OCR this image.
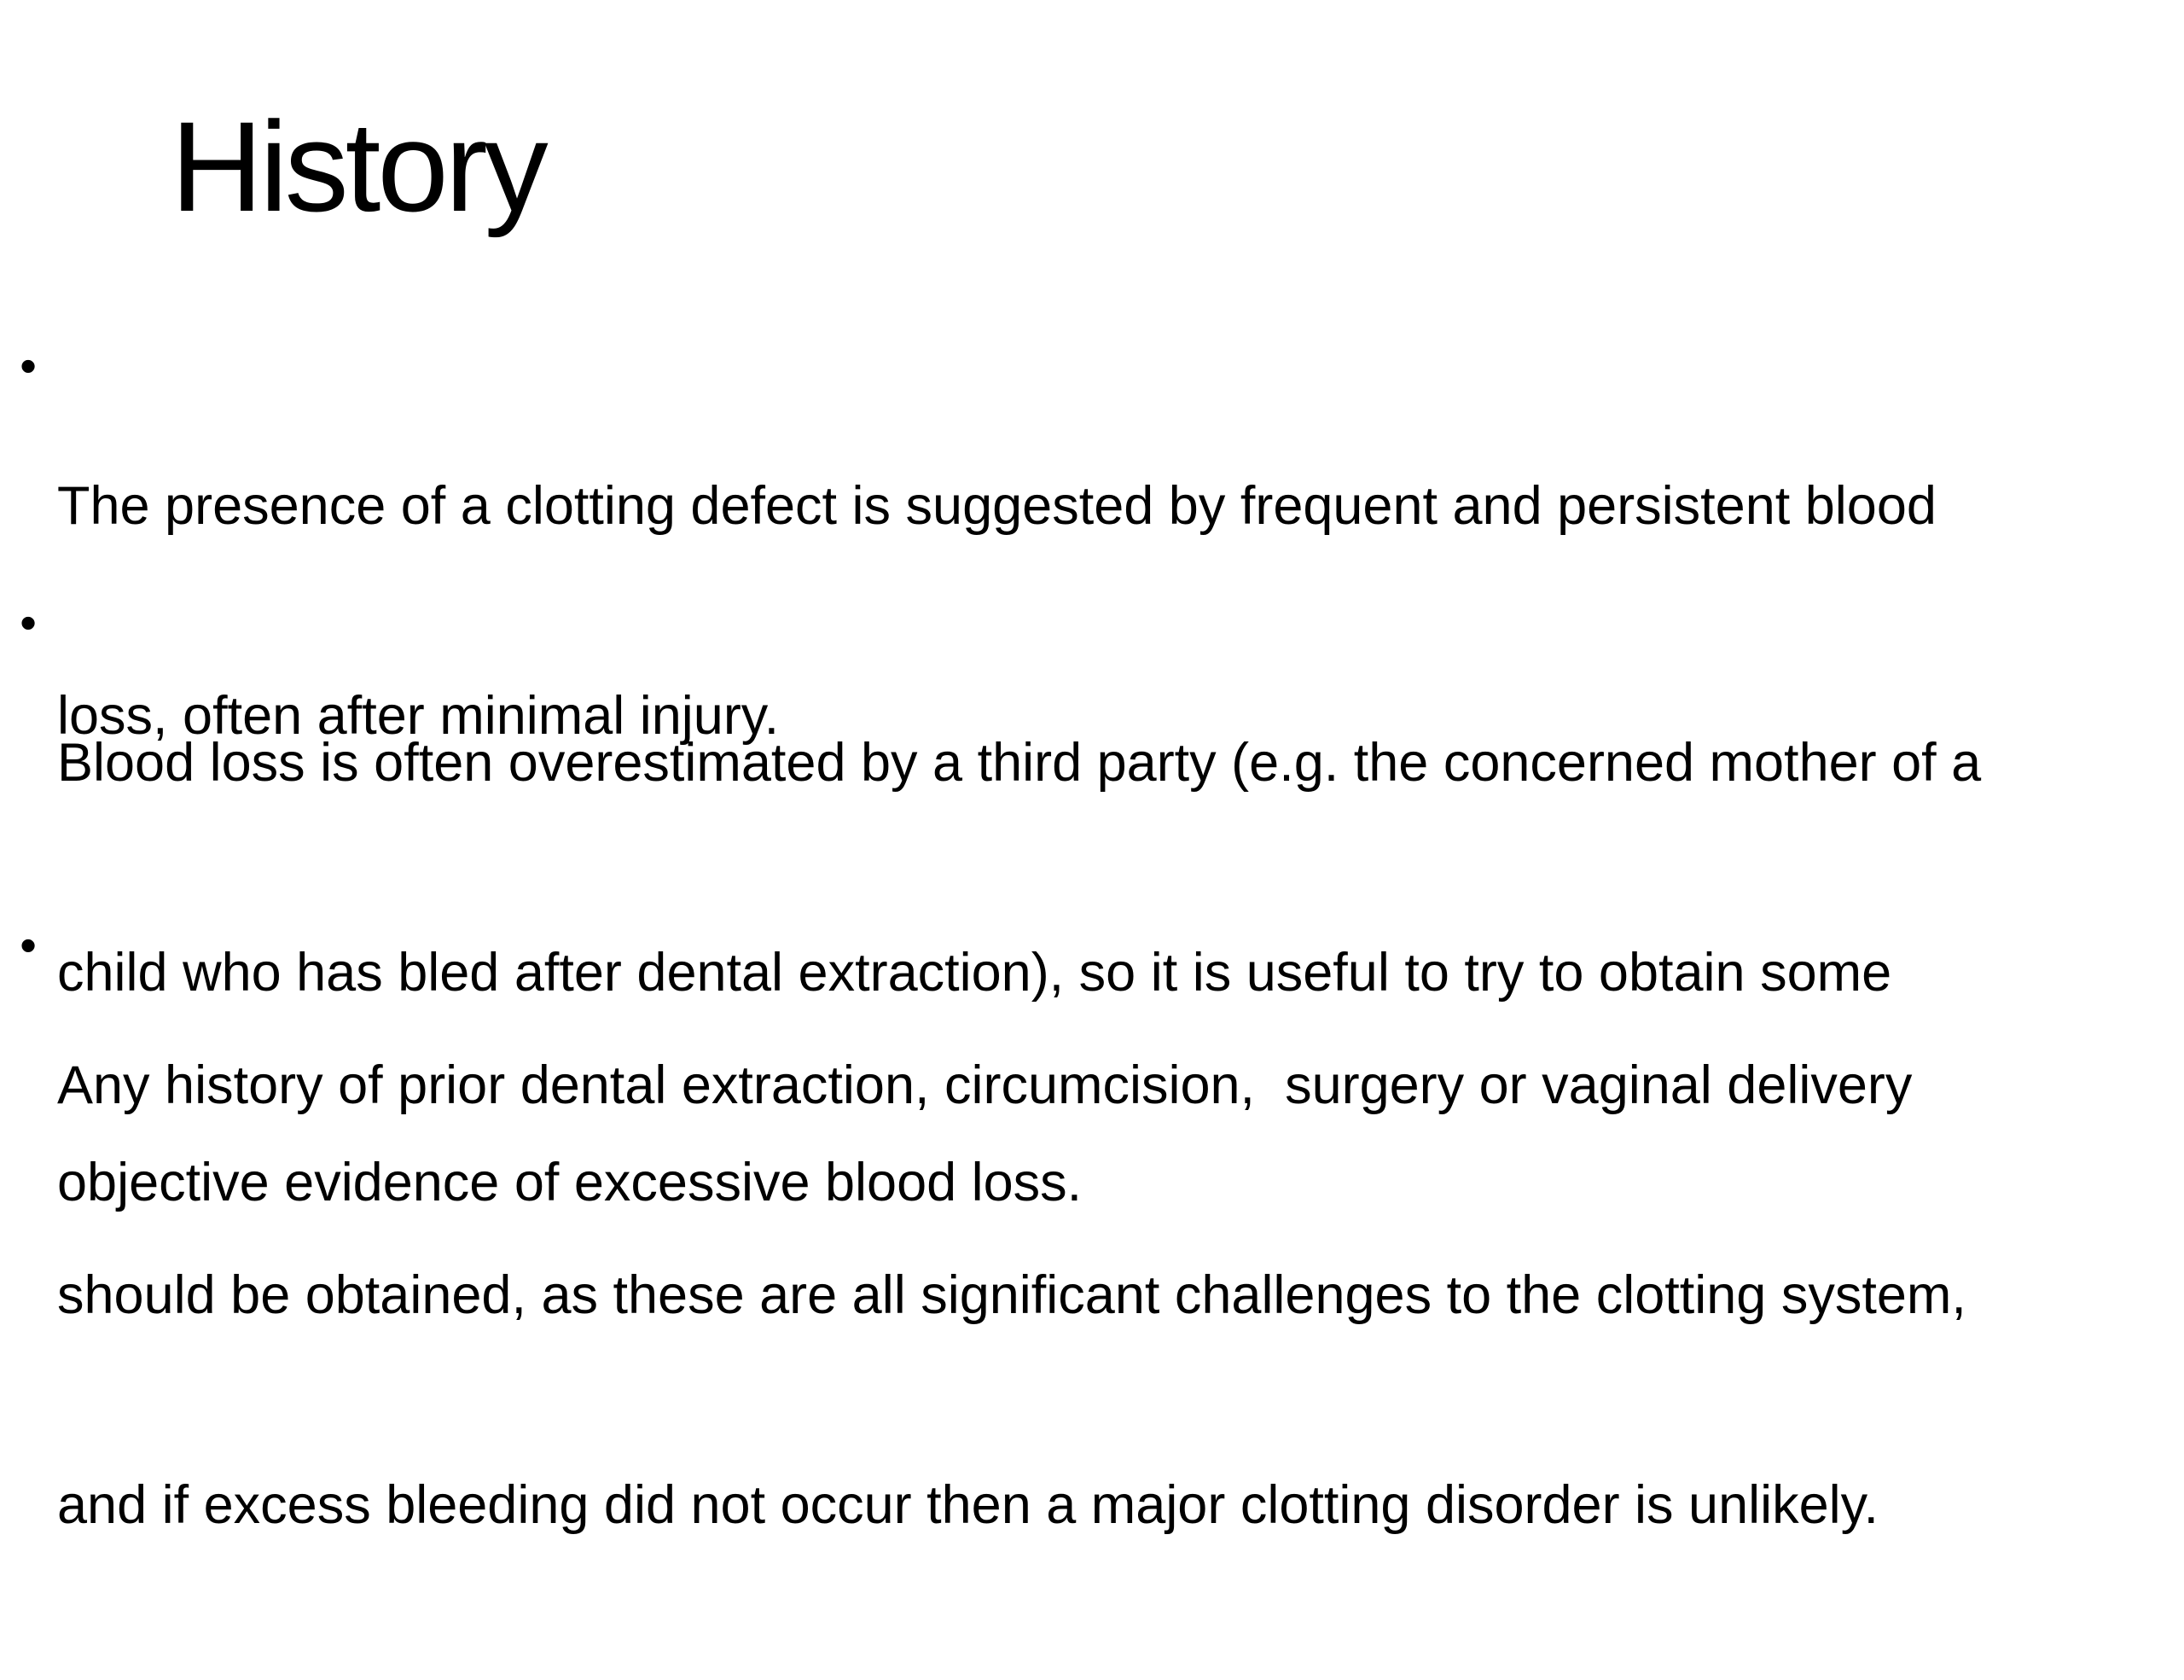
History
•

The presence of a clotting defect is suggested by frequent and persistent blood

loss, often after minimal injury.

•

Blood loss is often overestimated by a third party (e.g. the concerned mother of a

child who has bled after dental extraction), so it is useful to try to obtain some

objective evidence of excessive blood loss.

•

Any history of prior dental extraction, circumcision,  surgery or vaginal delivery

should be obtained, as these are all significant challenges to the clotting system,

and if excess bleeding did not occur then a major clotting disorder is unlikely.
